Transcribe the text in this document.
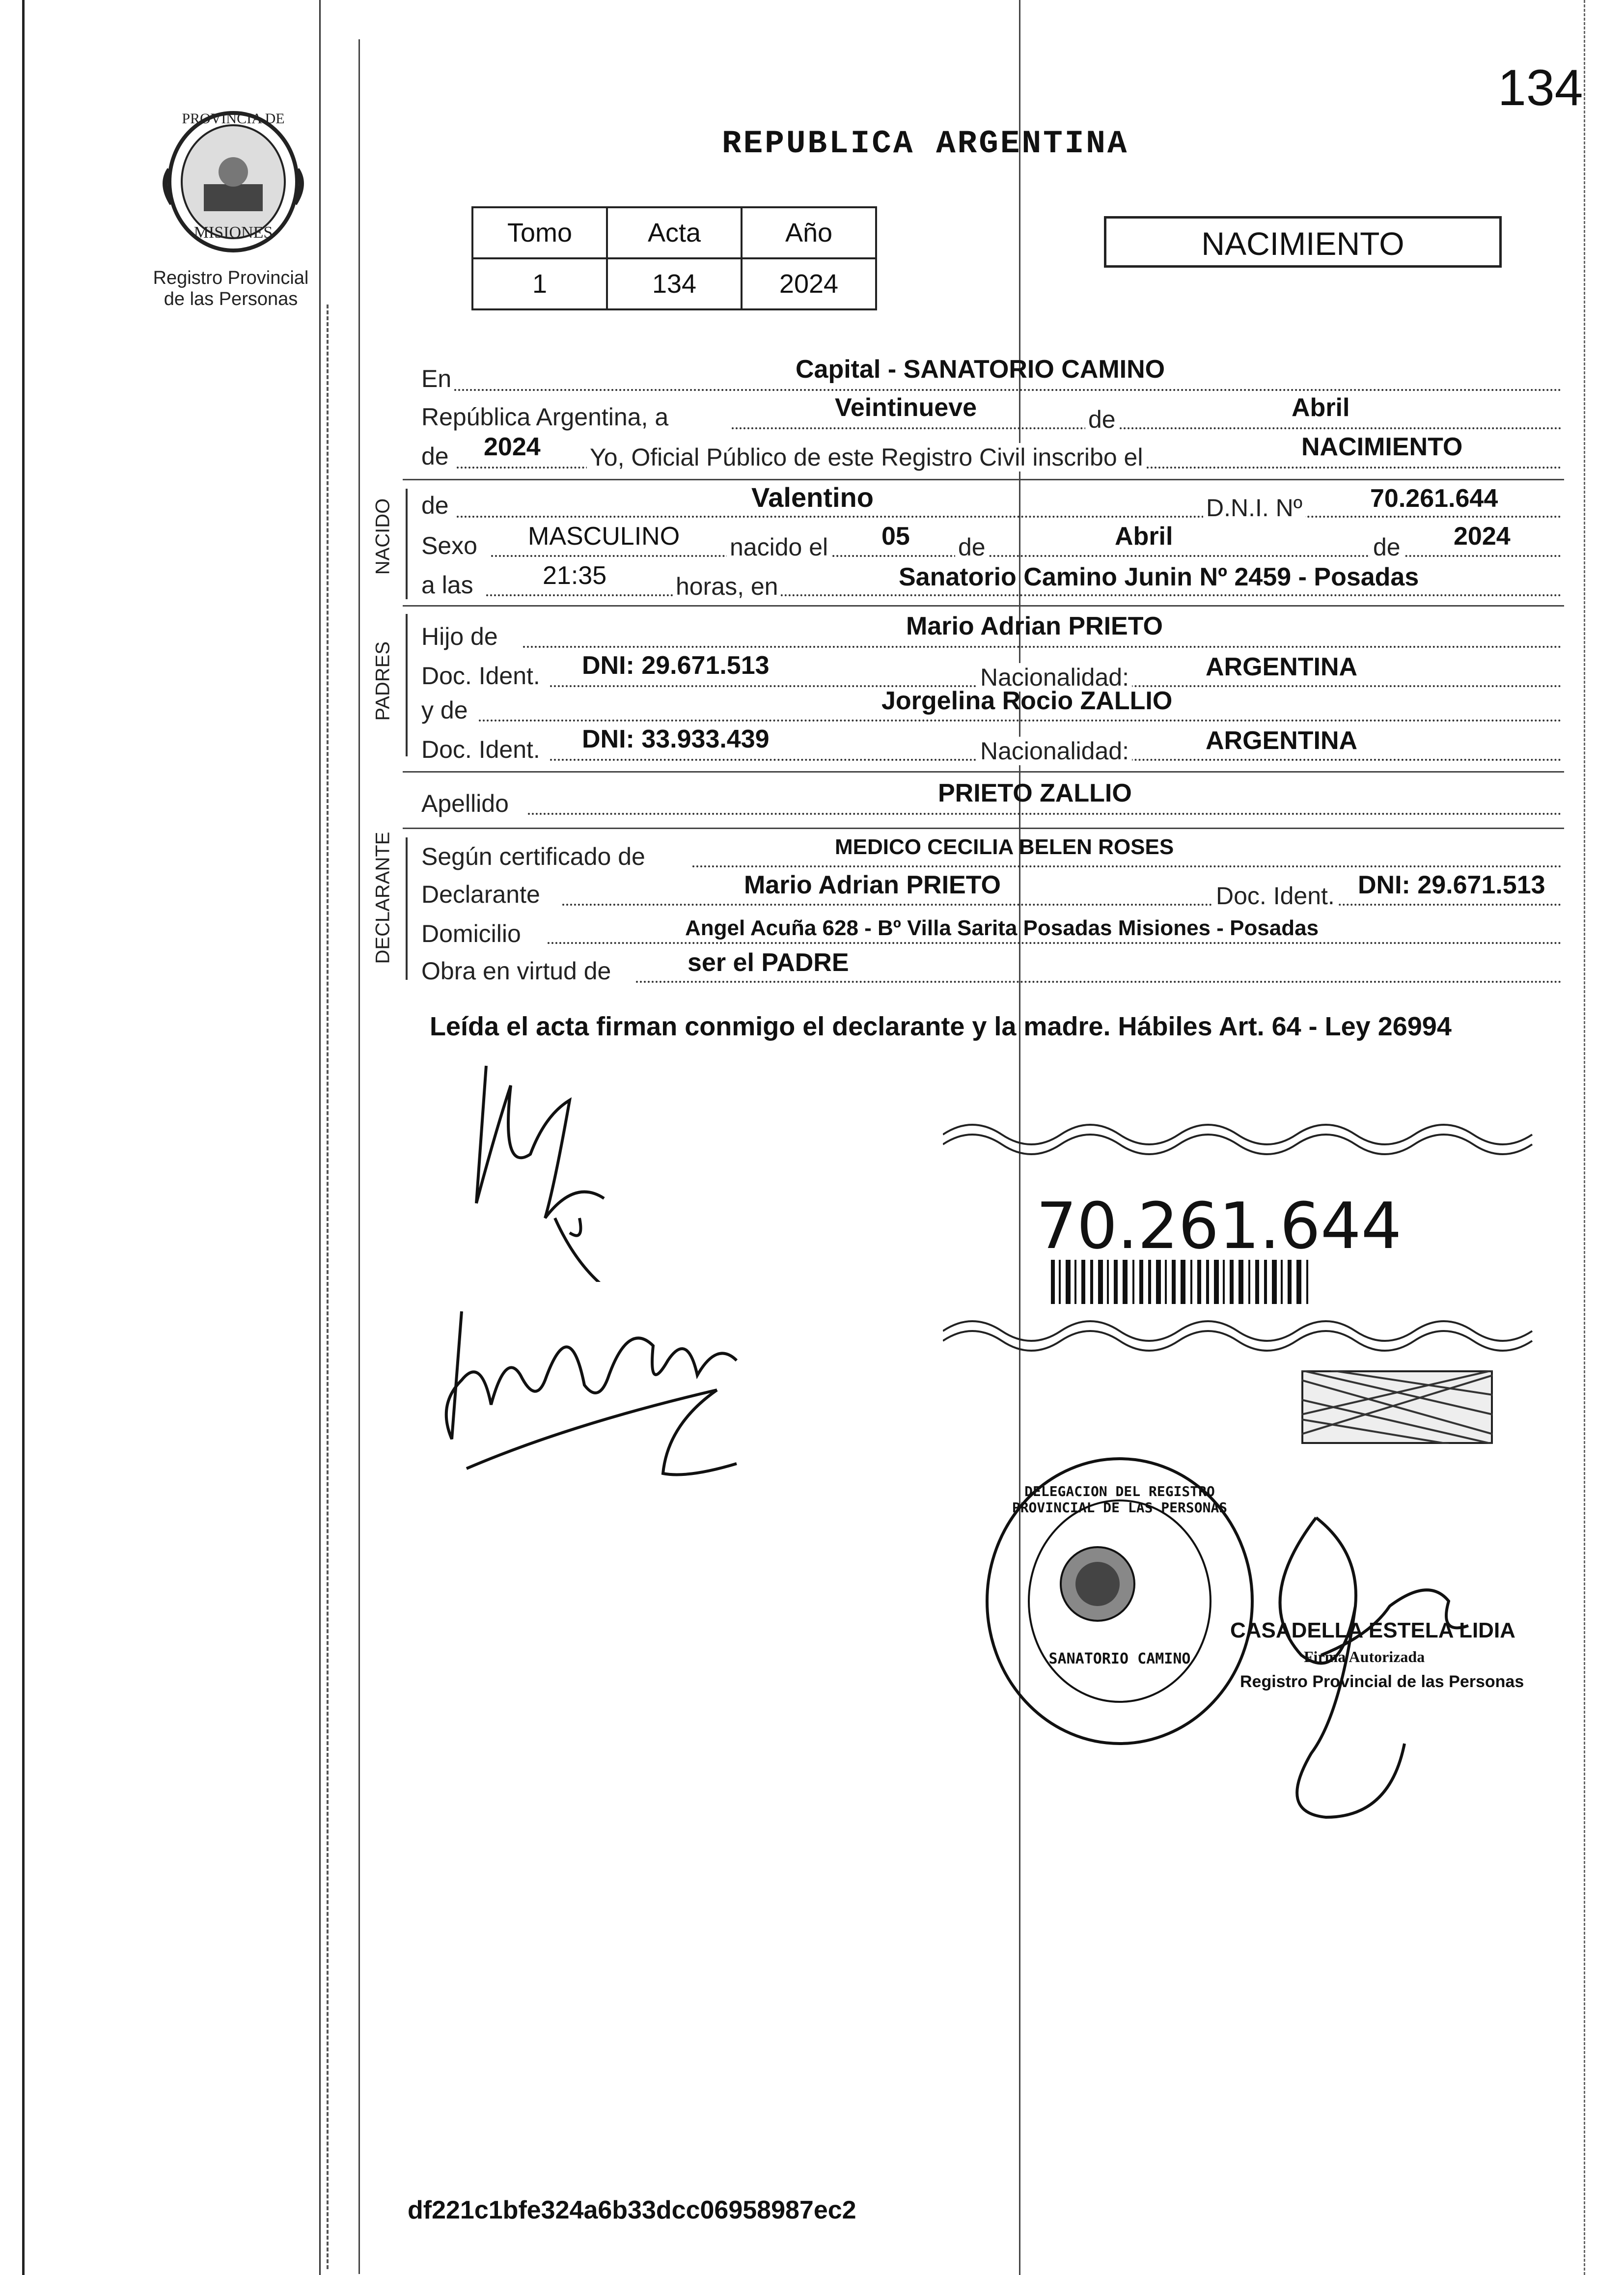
134
PROVINCIA DE
MISIONES
Registro Provincial
de las Personas
REPUBLICA ARGENTINA
Tomo	Acta	Año
1	134	2024
NACIMIENTO
En	Capital - SANATORIO CAMINO
República Argentina, a	Veintinueve	de	Abril
de 2024 Yo, Oficial Público de este Registro Civil inscribo el	NACIMIENTO
NACIDO de	Valentino	D.N.I. Nº	70.261.644
Sexo MASCULINO nacido el 05 de	Abril	de 2024
a las	21:35	horas, en	Sanatorio Camino Junin Nº 2459 - Posadas
PADRES
Hijo de	Mario Adrian PRIETO
Doc. Ident. DNI: 29.671.513	Nacionalidad:	ARGENTINA
y de	Jorgelina Rocio ZALLIO
Doc. Ident. DNI: 33.933.439	Nacionalidad:	ARGENTINA
Apellido	PRIETO ZALLIO
DECLARANTE Según certificado de	MEDICO CECILIA BELEN ROSES
Declarante	Mario Adrian PRIETO	Doc. Ident. DNI: 29.671.513
Domicilio	Angel Acuña 628 - Bº Villa Sarita Posadas Misiones - Posadas
Obra en virtud de	ser el PADRE
Leída el acta firman conmigo el declarante y la madre. Hábiles Art. 64 - Ley 26994
70.261.644
DELEGACION DEL REGISTRO PROVINCIAL DE LAS PERSONAS
SANATORIO CAMINO
CASADELLA ESTELA LIDIA
Firma Autorizada
Registro Provincial de las Personas
df221c1bfe324a6b33dcc06958987ec2
